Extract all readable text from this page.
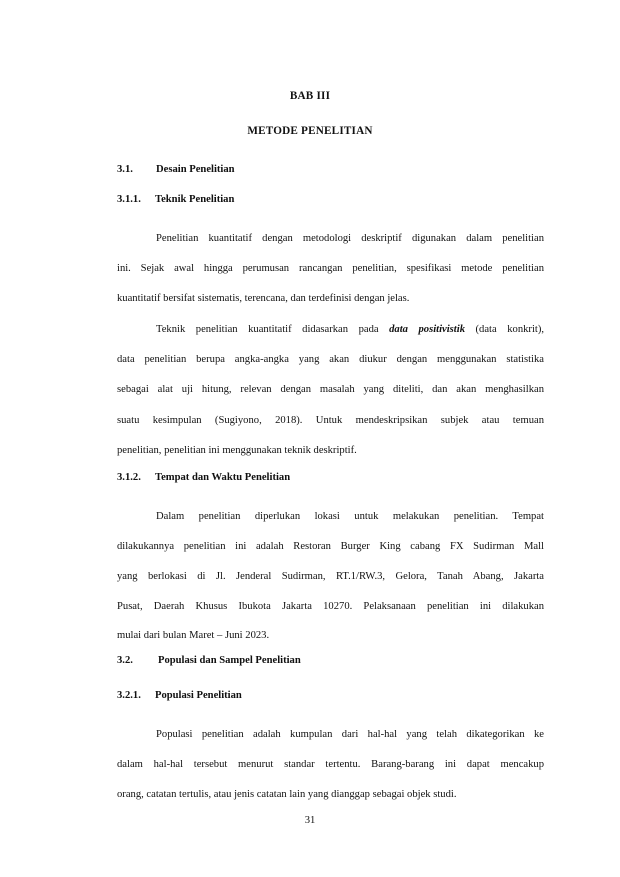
BAB III
METODE PENELITIAN
3.1. Desain Penelitian
3.1.1. Teknik Penelitian
Penelitian kuantitatif dengan metodologi deskriptif digunakan dalam penelitian
ini. Sejak awal hingga perumusan rancangan penelitian, spesifikasi metode penelitian
kuantitatif bersifat sistematis, terencana, dan terdefinisi dengan jelas.
Teknik penelitian kuantitatif didasarkan pada data positivistik (data konkrit),
data penelitian berupa angka-angka yang akan diukur dengan menggunakan statistika
sebagai alat uji hitung, relevan dengan masalah yang diteliti, dan akan menghasilkan
suatu kesimpulan (Sugiyono, 2018). Untuk mendeskripsikan subjek atau temuan
penelitian, penelitian ini menggunakan teknik deskriptif.
3.1.2. Tempat dan Waktu Penelitian
Dalam penelitian diperlukan lokasi untuk melakukan penelitian. Tempat
dilakukannya penelitian ini adalah Restoran Burger King cabang FX Sudirman Mall
yang berlokasi di Jl. Jenderal Sudirman, RT.1/RW.3, Gelora, Tanah Abang, Jakarta
Pusat, Daerah Khusus Ibukota Jakarta 10270. Pelaksanaan penelitian ini dilakukan
mulai dari bulan Maret – Juni 2023.
3.2. Populasi dan Sampel Penelitian
3.2.1. Populasi Penelitian
Populasi penelitian adalah kumpulan dari hal-hal yang telah dikategorikan ke
dalam hal-hal tersebut menurut standar tertentu. Barang-barang ini dapat mencakup
orang, catatan tertulis, atau jenis catatan lain yang dianggap sebagai objek studi.
31
